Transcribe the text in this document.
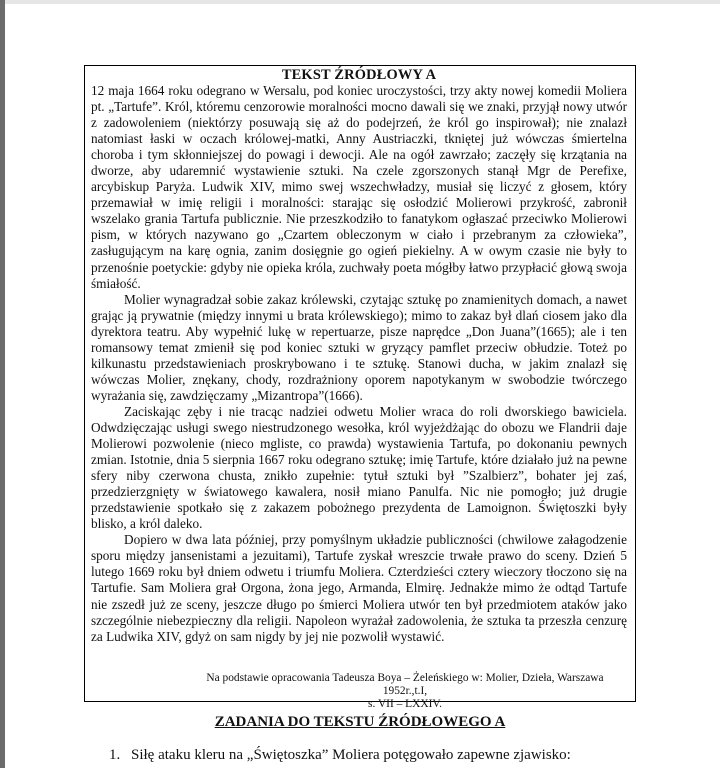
TEKST ŹRÓDŁOWY A

12 maja 1664 roku odegrano w Wersalu, pod koniec uroczystości, trzy akty nowej komedii Moliera pt. „Tartufe”. Król, któremu cenzorowie moralności mocno dawali się we znaki, przyjął nowy utwór z zadowoleniem (niektórzy posuwają się aż do podejrzeń, że król go inspirował); nie znalazł natomiast łaski w oczach królowej-matki, Anny Austriaczki, tkniętej już wówczas śmiertelna choroba i tym skłonniejszej do powagi i dewocji. Ale na ogół zawrzało; zaczęły się krzątania na dworze, aby udaremnić wystawienie sztuki. Na czele zgorszonych stanął Mgr de Perefixe, arcybiskup Paryża. Ludwik XIV, mimo swej wszechwładzy, musiał się liczyć z głosem, który przemawiał w imię religii i moralności: starając się osłodzić Molierowi przykrość, zabronił wszelako grania Tartufa publicznie. Nie przeszkodziło to fanatykom ogłaszać przeciwko Molierowi pism, w których nazywano go „Czartem obleczonym w ciało i przebranym za człowieka”, zasługującym na karę ognia, zanim dosięgnie go ogień piekielny. A w owym czasie nie były to przenośnie poetyckie: gdyby nie opieka króla, zuchwały poeta mógłby łatwo przypłacić głową swoja śmiałość.

Molier wynagradzał sobie zakaz królewski, czytając sztukę po znamienitych domach, a nawet grając ją prywatnie (między innymi u brata królewskiego); mimo to zakaz był dlań ciosem jako dla dyrektora teatru. Aby wypełnić lukę w repertuarze, pisze naprędce „Don Juana”(1665); ale i ten romansowy temat zmienił się pod koniec sztuki w gryzący pamflet przeciw obłudzie. Toteż po kilkunastu przedstawieniach proskrybowano i te sztukę. Stanowi ducha, w jakim znalazł się wówczas Molier, znękany, chody, rozdrażniony oporem napotykanym w swobodzie twórczego wyrażania się, zawdzięczamy „Mizantropa”(1666).

Zaciskając zęby i nie tracąc nadziei odwetu Molier wraca do roli dworskiego bawiciela. Odwdzięczając usługi swego niestrudzonego wesołka, król wyjeżdżając do obozu we Flandrii daje Molierowi pozwolenie (nieco mgliste, co prawda) wystawienia Tartufa, po dokonaniu pewnych zmian. Istotnie, dnia 5 sierpnia 1667 roku odegrano sztukę; imię Tartufe, które działało już na pewne sfery niby czerwona chusta, znikło zupełnie: tytuł sztuki był ”Szalbierz”, bohater jej zaś, przedzierzgnięty w światowego kawalera, nosił miano Panulfa. Nic nie pomogło; już drugie przedstawienie spotkało się z zakazem pobożnego prezydenta de Lamoignon. Świętoszki były blisko, a król daleko.

Dopiero w dwa lata później, przy pomyślnym układzie publiczności (chwilowe załagodzenie sporu między jansenistami a jezuitami), Tartufe zyskał wreszcie trwałe prawo do sceny. Dzień 5 lutego 1669 roku był dniem odwetu i triumfu Moliera. Czterdzieści cztery wieczory tłoczono się na Tartufie. Sam Moliera grał Orgona, żona jego, Armanda, Elmirę. Jednakże mimo że odtąd Tartufe nie zszedł już ze sceny, jeszcze długo po śmierci Moliera utwór ten był przedmiotem ataków jako szczególnie niebezpieczny dla religii. Napoleon wyrażał zadowolenia, że sztuka ta przeszła cenzurę za Ludwika XIV, gdyż on sam nigdy by jej nie pozwolił wystawić.

Na podstawie opracowania Tadeusza Boya – Żeleńskiego w: Molier, Dzieła, Warszawa 1952r.,t.I,
s. VII – LXXIV.
ZADANIA DO TEKSTU ŹRÓDŁOWEGO A
1. Siłę ataku kleru na „Świętoszka” Moliera potęgowało zapewne zjawisko:
